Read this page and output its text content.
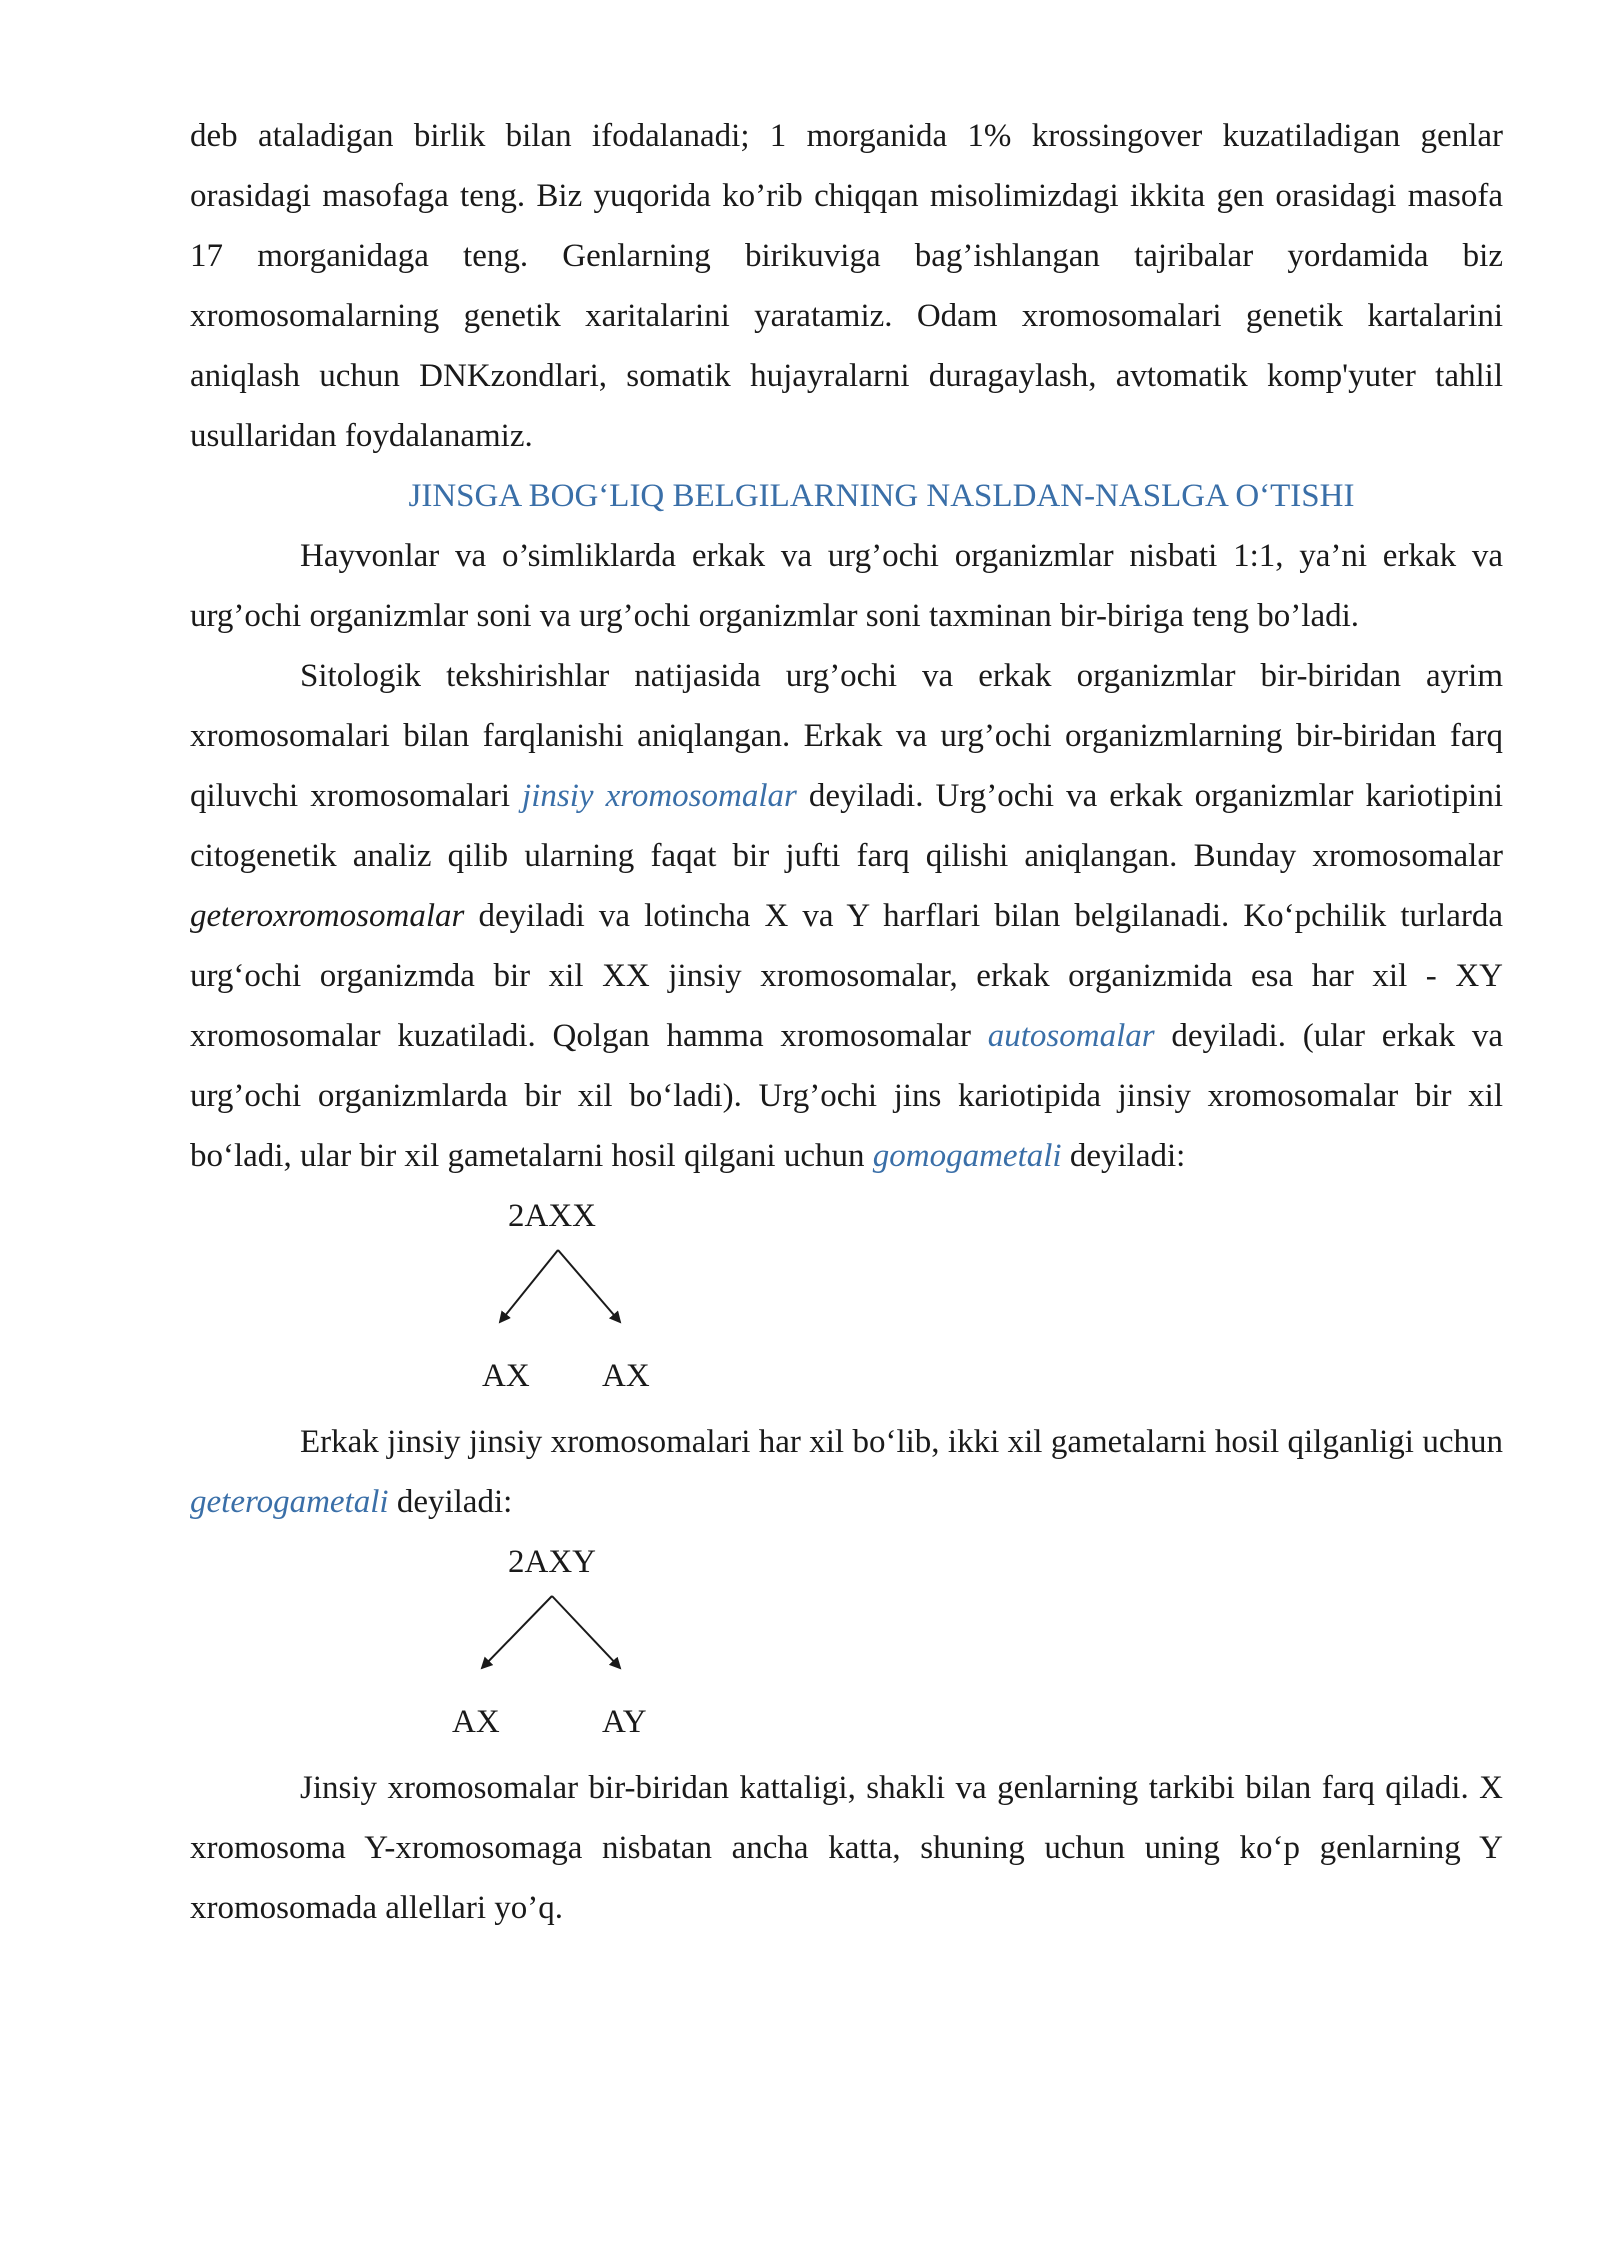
deb ataladigan birlik bilan ifodalanadi; 1 morganida 1% krossingover kuzatiladigan genlar orasidagi masofaga teng. Biz yuqorida ko’rib chiqqan misolimizdagi ikkita gen orasidagi masofa 17 morganidaga teng. Genlarning birikuviga bag’ishlangan tajribalar yordamida biz xromosomalarning genetik xaritalarini yaratamiz. Odam xromosomalari genetik kartalarini aniqlash uchun DNKzondlari, somatik hujayralarni duragaylash, avtomatik komp'yuter tahlil usullaridan foydalanamiz.

JINSGA BOG‘LIQ BELGILARNING NASLDAN-NASLGA O‘TISHI

Hayvonlar va o’simliklarda erkak va urg’ochi organizmlar nisbati 1:1, ya’ni erkak va urg’ochi organizmlar soni va urg’ochi organizmlar soni taxminan bir-biriga teng bo’ladi.

Sitologik tekshirishlar natijasida urg’ochi va erkak organizmlar bir-biridan ayrim xromosomalari bilan farqlanishi aniqlangan. Erkak va urg’ochi organizmlarning bir-biridan farq qiluvchi xromosomalari jinsiy xromosomalar deyiladi. Urg’ochi va erkak organizmlar kariotipini citogenetik analiz qilib ularning faqat bir jufti farq qilishi aniqlangan. Bunday xromosomalar geteroxromosomalar deyiladi va lotincha X va Y harflari bilan belgilanadi. Ko‘pchilik turlarda urg‘ochi organizmda bir xil XX jinsiy xromosomalar, erkak organizmida esa har xil - XY xromosomalar kuzatiladi. Qolgan hamma xromosomalar autosomalar deyiladi. (ular erkak va urg’ochi organizmlarda bir xil bo‘ladi). Urg’ochi jins kariotipida jinsiy xromosomalar bir xil bo‘ladi, ular bir xil gametalarni hosil qilgani uchun gomogametali deyiladi:

2AXX
AX AX

Erkak jinsiy jinsiy xromosomalari har xil bo‘lib, ikki xil gametalarni hosil qilganligi uchun geterogametali deyiladi:

2AXY
AX	AY

Jinsiy xromosomalar bir-biridan kattaligi, shakli va genlarning tarkibi bilan farq qiladi. X xromosoma Y-xromosomaga nisbatan ancha katta, shuning uchun uning ko‘p genlarning Y xromosomada allellari yo’q.
